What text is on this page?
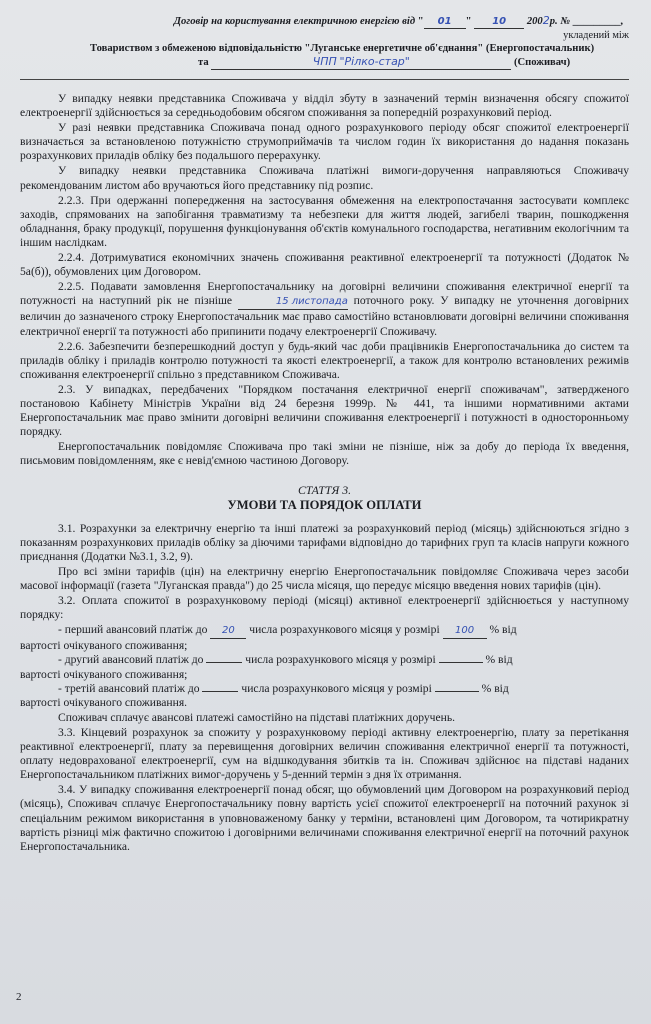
Договір на користування електричною енергією від " 01 " 10 2002р. № _________,
укладений між
Товариством з обмеженою відповідальністю "Луганське енергетичне об'єднання" (Енергопостачальник)
та	ЧПП "Рілко-стар"	(Споживач)

У випадку неявки представника Споживача у відділ збуту в зазначений термін визначення обсягу спожитої електроенергії здійснюється за середньодобовим обсягом споживання за попередній розрахунковий період.

У разі неявки представника Споживача понад одного розрахункового періоду обсяг спожитої електроенергії визначається за встановленою потужністю струмоприймачів та числом годин їх використання до надання показань розрахункових приладів обліку без подальшого перерахунку.

У випадку неявки представника Споживача платіжні вимоги-доручення направляються Споживачу рекомендованим листом або вручаються його представнику під розпис.

2.2.3. При одержанні попередження на застосування обмеження на електропостачання застосувати комплекс заходів, спрямованих на запобігання травматизму та небезпеки для життя людей, загибелі тварин, пошкодження обладнання, браку продукції, порушення функціонування об'єктів комунального господарства, негативним екологічним та іншим наслідкам.

2.2.4. Дотримуватися економічних значень споживання реактивної електроенергії та потужності (Додаток № 5а(б)), обумовлених цим Договором.

2.2.5. Подавати замовлення Енергопостачальнику на договірні величини споживання електричної енергії та потужності на наступний рік не пізніше	15 листопада поточного року. У випадку не уточнення договірних величин до зазначеного строку Енергопостачальник має право самостійно встановлювати договірні величини споживання електричної енергії та потужності або припинити подачу електроенергії Споживачу.

2.2.6. Забезпечити безперешкодний доступ у будь-який час доби працівників Енергопостачальника до систем та приладів обліку і приладів контролю потужності та якості електроенергії, а також для контролю встановлених режимів споживання електроенергії спільно з представником Споживача.

2.3. У випадках, передбачених "Порядком постачання електричної енергії споживачам", затвердженого постановою Кабінету Міністрів України від 24 березня 1999р. № 441, та іншими нормативними актами Енергопостачальник має право змінити договірні величини споживання електроенергії і потужності в односторонньому порядку.

Енергопостачальник повідомляє Споживача про такі зміни не пізніше, ніж за добу до періода їх введення, письмовим повідомленням, яке є невід'ємною частиною Договору.

СТАТТЯ 3.
УМОВИ ТА ПОРЯДОК ОПЛАТИ

3.1. Розрахунки за електричну енергію та інші платежі за розрахунковий період (місяць) здійснюються згідно з показанням розрахункових приладів обліку за діючими тарифами відповідно до тарифних груп та класів напруги кожного приєднання (Додатки №3.1, 3.2, 9).

Про всі зміни тарифів (цін) на електричну енергію Енергопостачальник повідомляє Споживача через засоби масової інформації (газета "Луганская правда") до 25 числа місяця, що передує місяцю введення нових тарифів (цін).

3.2. Оплата спожитої в розрахунковому періоді (місяці) активної електроенергії здійснюється у наступному порядку:

- перший авансовий платіж до 20 числа розрахункового місяця у розмірі 100 % від

вартості очікуваного споживання;

- другий авансовий платіж до	числа розрахункового місяця у розмірі	% від

вартості очікуваного споживання;

- третій авансовий платіж до	числа розрахункового місяця у розмірі	% від

вартості очікуваного споживання.

Споживач сплачує авансові платежі самостійно на підставі платіжних доручень.

3.3. Кінцевий розрахунок за спожиту у розрахунковому періоді активну електроенергію, плату за перетікання реактивної електроенергії, плату за перевищення договірних величин споживання електричної енергії та потужності, оплату недоврахованої електроенергії, сум на відшкодування збитків та ін. Споживач здійснює на підставі наданих Енергопостачальником платіжних вимог-доручень у 5-денний термін з дня їх отримання.

3.4. У випадку споживання електроенергії понад обсяг, що обумовлений цим Договором на розрахунковий період (місяць), Споживач сплачує Енергопостачальнику повну вартість усієї спожитої електроенергії на поточний рахунок зі спеціальним режимом використання в уповноваженому банку у терміни, встановлені цим Договором, та чотирикратну вартість різниці між фактично спожитою і договірними величинами споживання електричної енергії на поточний рахунок Енергопостачальника.

2
